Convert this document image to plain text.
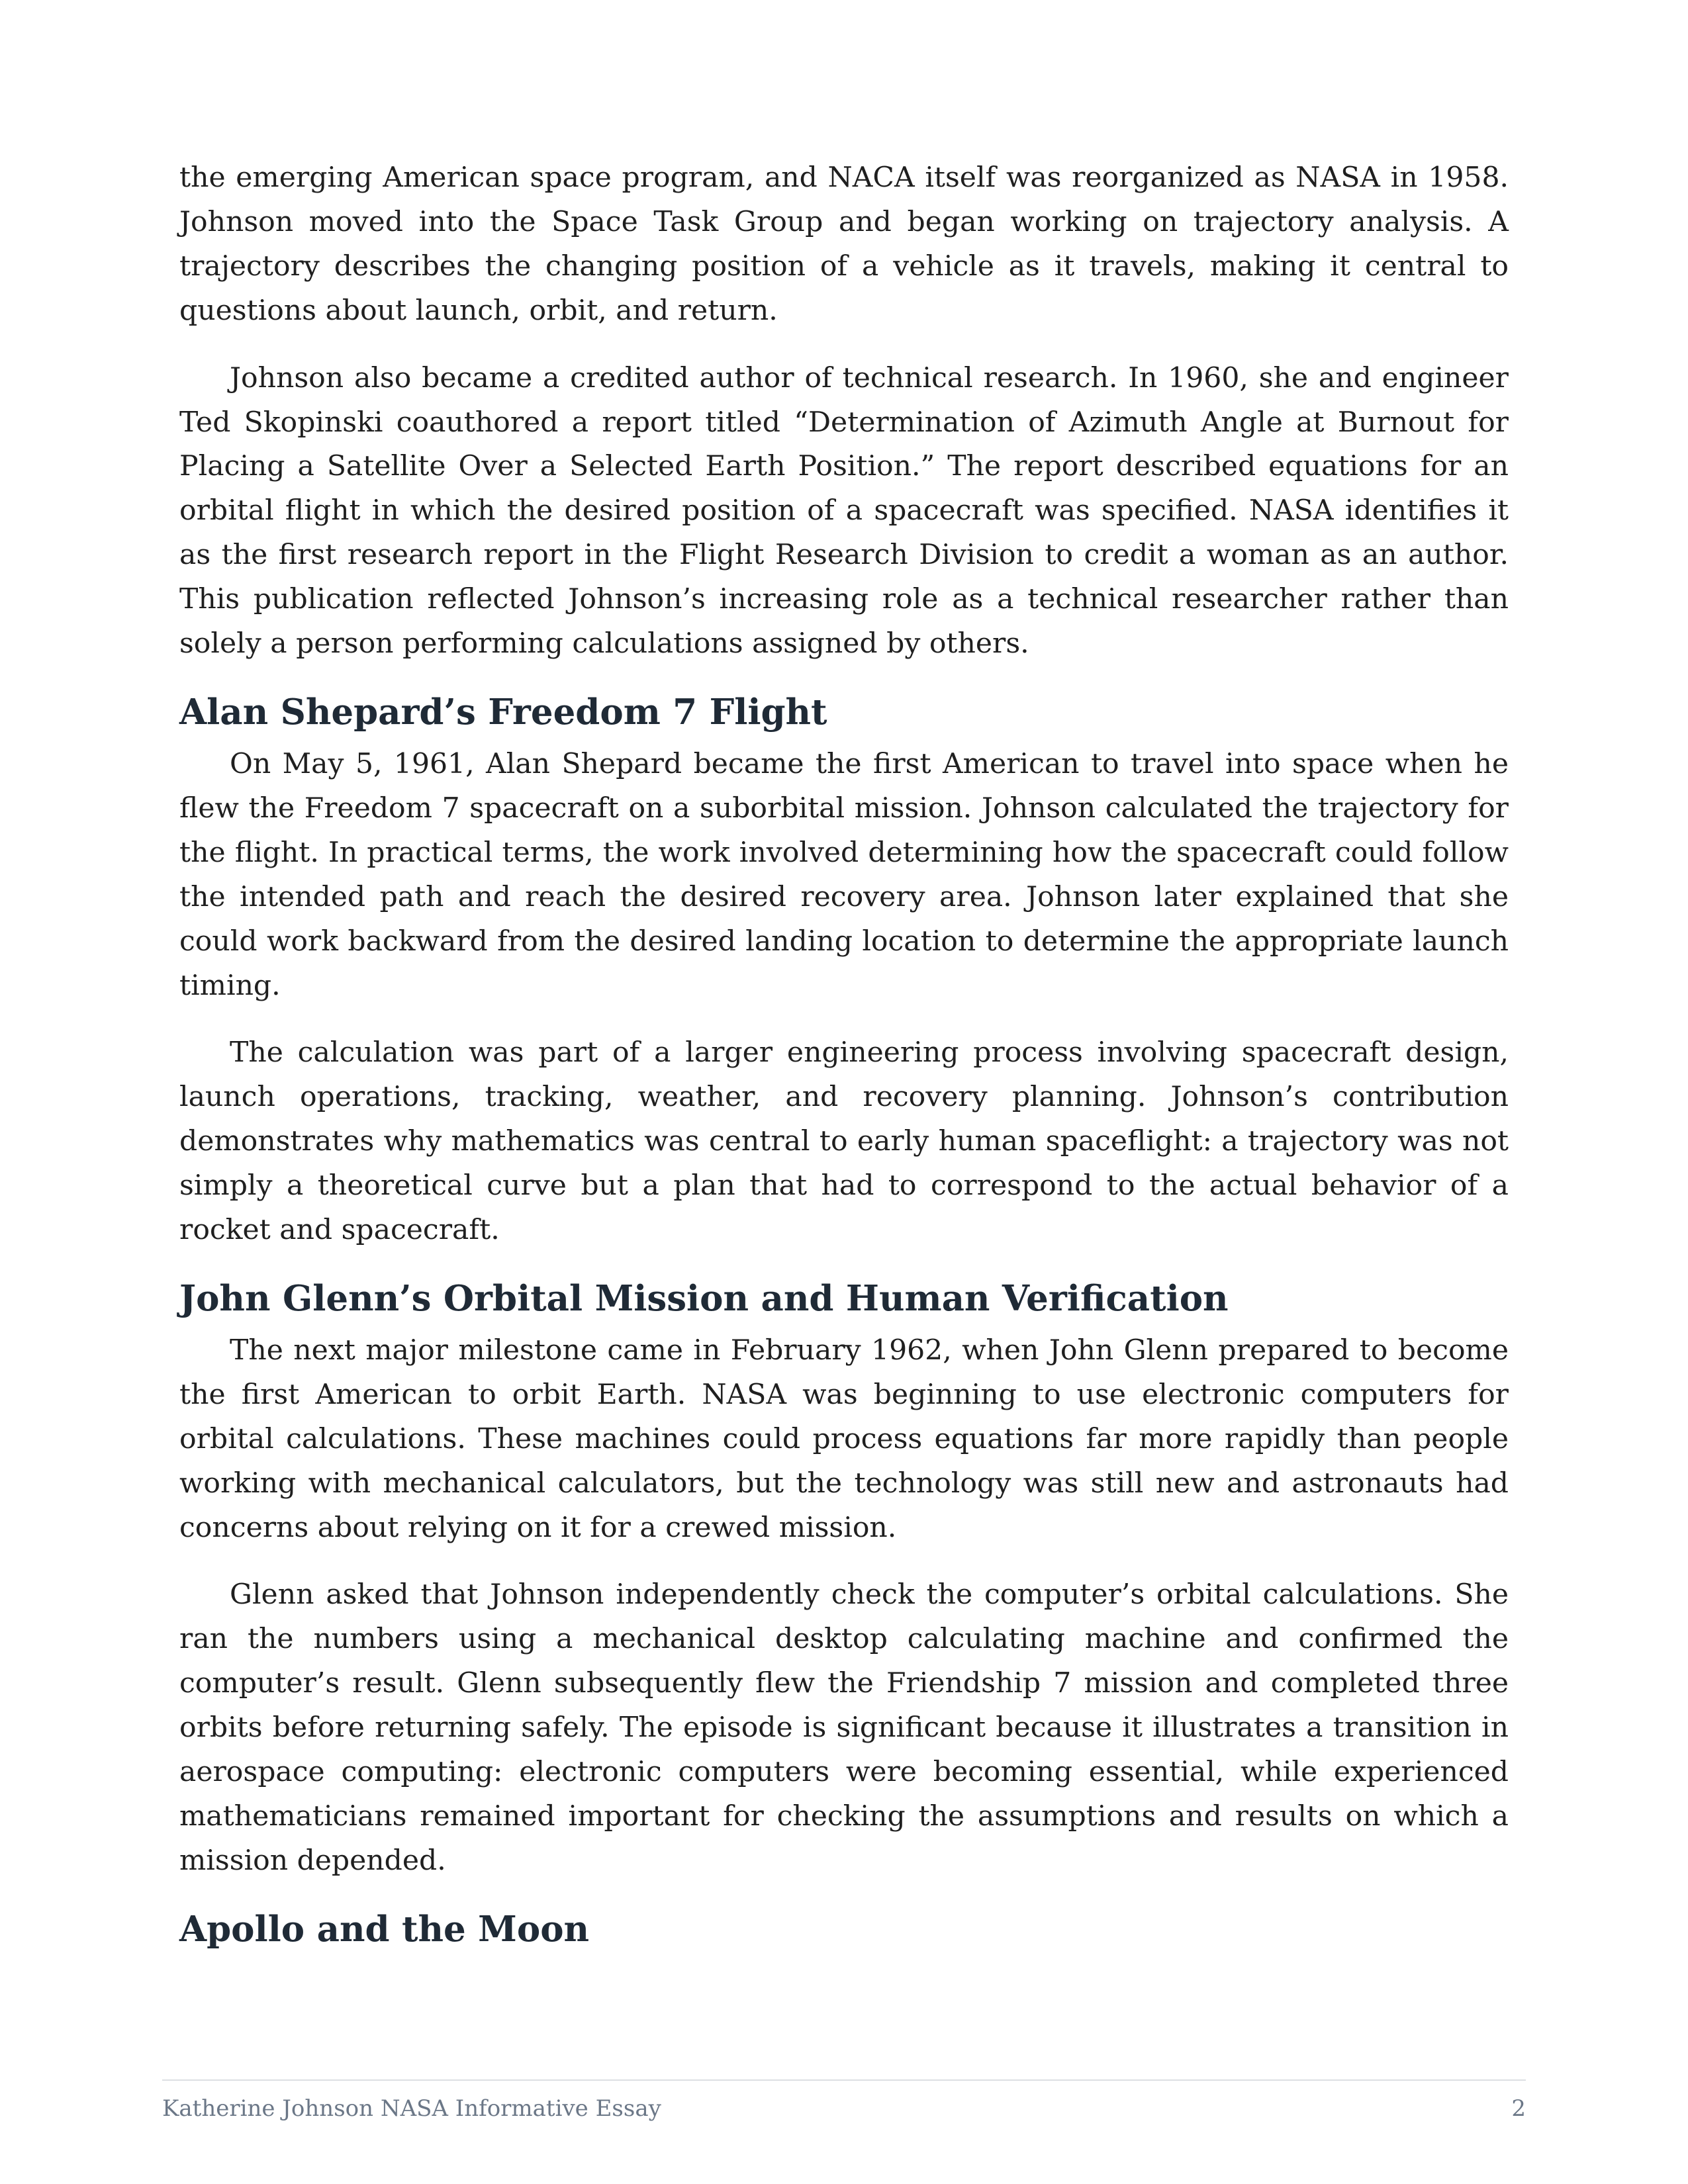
the emerging American space program, and NACA itself was reorganized as NASA in 1958. Johnson moved into the Space Task Group and began working on trajectory analysis. A trajectory describes the changing position of a vehicle as it travels, making it central to questions about launch, orbit, and return.

Johnson also became a credited author of technical research. In 1960, she and engineer Ted Skopinski coauthored a report titled “Determination of Azimuth Angle at Burnout for Placing a Satellite Over a Selected Earth Position.” The report described equations for an orbital flight in which the desired position of a spacecraft was specified. NASA identifies it as the first research report in the Flight Research Division to credit a woman as an author. This publication reflected Johnson’s increasing role as a technical researcher rather than solely a person performing calculations assigned by others.

Alan Shepard’s Freedom 7 Flight

On May 5, 1961, Alan Shepard became the first American to travel into space when he flew the Freedom 7 spacecraft on a suborbital mission. Johnson calculated the trajectory for the flight. In practical terms, the work involved determining how the spacecraft could follow the intended path and reach the desired recovery area. Johnson later explained that she could work backward from the desired landing location to determine the appropriate launch timing.

The calculation was part of a larger engineering process involving spacecraft design, launch operations, tracking, weather, and recovery planning. Johnson’s contribution demonstrates why mathematics was central to early human spaceflight: a trajectory was not simply a theoretical curve but a plan that had to correspond to the actual behavior of a rocket and spacecraft.

John Glenn’s Orbital Mission and Human Verification

The next major milestone came in February 1962, when John Glenn prepared to become the first American to orbit Earth. NASA was beginning to use electronic computers for orbital calculations. These machines could process equations far more rapidly than people working with mechanical calculators, but the technology was still new and astronauts had concerns about relying on it for a crewed mission.

Glenn asked that Johnson independently check the computer’s orbital calculations. She ran the numbers using a mechanical desktop calculating machine and confirmed the computer’s result. Glenn subsequently flew the Friendship 7 mission and completed three orbits before returning safely. The episode is significant because it illustrates a transition in aerospace computing: electronic computers were becoming essential, while experienced mathematicians remained important for checking the assumptions and results on which a mission depended.

Apollo and the Moon
Katherine Johnson NASA Informative Essay	2
